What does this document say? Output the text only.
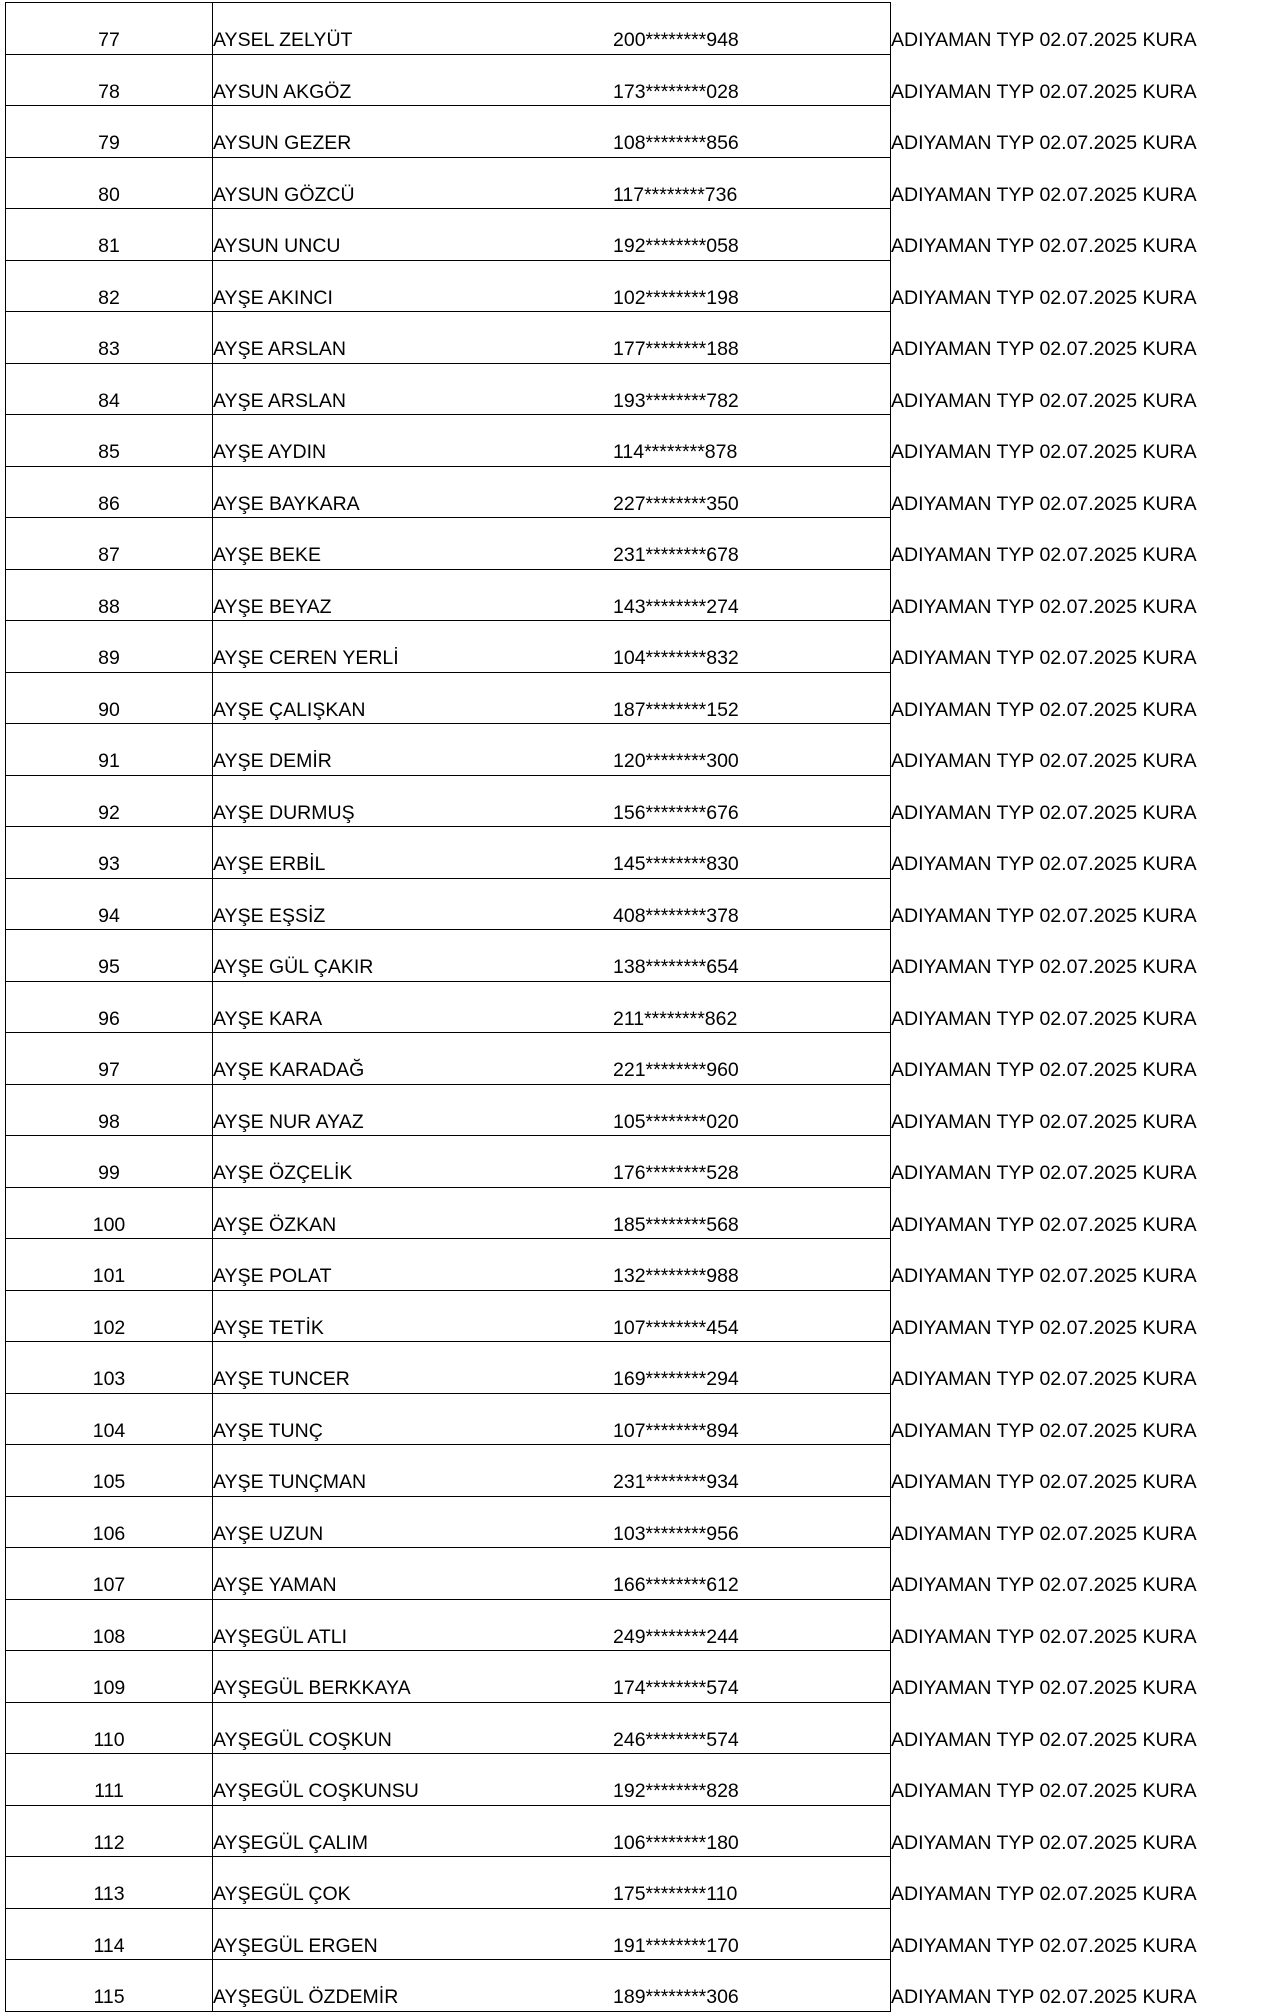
77	AYSEL ZELYÜT 200********948	ADIYAMAN TYP 02.07.2025 KURA
78	AYSUN AKGÖZ 173********028	ADIYAMAN TYP 02.07.2025 KURA
79	AYSUN GEZER 108********856	ADIYAMAN TYP 02.07.2025 KURA
80	AYSUN GÖZCÜ 117********736	ADIYAMAN TYP 02.07.2025 KURA
81	AYSUN UNCU 192********058	ADIYAMAN TYP 02.07.2025 KURA
82	AYŞE AKINCI 102********198	ADIYAMAN TYP 02.07.2025 KURA
83	AYŞE ARSLAN 177********188	ADIYAMAN TYP 02.07.2025 KURA
84	AYŞE ARSLAN 193********782	ADIYAMAN TYP 02.07.2025 KURA
85	AYŞE AYDIN 114********878	ADIYAMAN TYP 02.07.2025 KURA
86	AYŞE BAYKARA 227********350	ADIYAMAN TYP 02.07.2025 KURA
87	AYŞE BEKE 231********678	ADIYAMAN TYP 02.07.2025 KURA
88	AYŞE BEYAZ 143********274	ADIYAMAN TYP 02.07.2025 KURA
89	AYŞE CEREN YERLİ 104********832	ADIYAMAN TYP 02.07.2025 KURA
90	AYŞE ÇALIŞKAN 187********152	ADIYAMAN TYP 02.07.2025 KURA
91	AYŞE DEMİR 120********300	ADIYAMAN TYP 02.07.2025 KURA
92	AYŞE DURMUŞ 156********676	ADIYAMAN TYP 02.07.2025 KURA
93	AYŞE ERBİL 145********830	ADIYAMAN TYP 02.07.2025 KURA
94	AYŞE EŞSİZ 408********378	ADIYAMAN TYP 02.07.2025 KURA
95	AYŞE GÜL ÇAKIR 138********654	ADIYAMAN TYP 02.07.2025 KURA
96	AYŞE KARA 211********862	ADIYAMAN TYP 02.07.2025 KURA
97	AYŞE KARADAĞ 221********960	ADIYAMAN TYP 02.07.2025 KURA
98	AYŞE NUR AYAZ 105********020	ADIYAMAN TYP 02.07.2025 KURA
99	AYŞE ÖZÇELİK 176********528	ADIYAMAN TYP 02.07.2025 KURA
100	AYŞE ÖZKAN 185********568	ADIYAMAN TYP 02.07.2025 KURA
101	AYŞE POLAT 132********988	ADIYAMAN TYP 02.07.2025 KURA
102	AYŞE TETİK 107********454	ADIYAMAN TYP 02.07.2025 KURA
103	AYŞE TUNCER 169********294	ADIYAMAN TYP 02.07.2025 KURA
104	AYŞE TUNÇ 107********894	ADIYAMAN TYP 02.07.2025 KURA
105	AYŞE TUNÇMAN 231********934	ADIYAMAN TYP 02.07.2025 KURA
106	AYŞE UZUN 103********956	ADIYAMAN TYP 02.07.2025 KURA
107	AYŞE YAMAN 166********612	ADIYAMAN TYP 02.07.2025 KURA
108	AYŞEGÜL ATLI 249********244	ADIYAMAN TYP 02.07.2025 KURA
109	AYŞEGÜL BERKKAYA 174********574	ADIYAMAN TYP 02.07.2025 KURA
110	AYŞEGÜL COŞKUN 246********574	ADIYAMAN TYP 02.07.2025 KURA
111	AYŞEGÜL COŞKUNSU 192********828	ADIYAMAN TYP 02.07.2025 KURA
112	AYŞEGÜL ÇALIM 106********180	ADIYAMAN TYP 02.07.2025 KURA
113	AYŞEGÜL ÇOK 175********110	ADIYAMAN TYP 02.07.2025 KURA
114	AYŞEGÜL ERGEN 191********170	ADIYAMAN TYP 02.07.2025 KURA
115	AYŞEGÜL ÖZDEMİR 189********306	ADIYAMAN TYP 02.07.2025 KURA
